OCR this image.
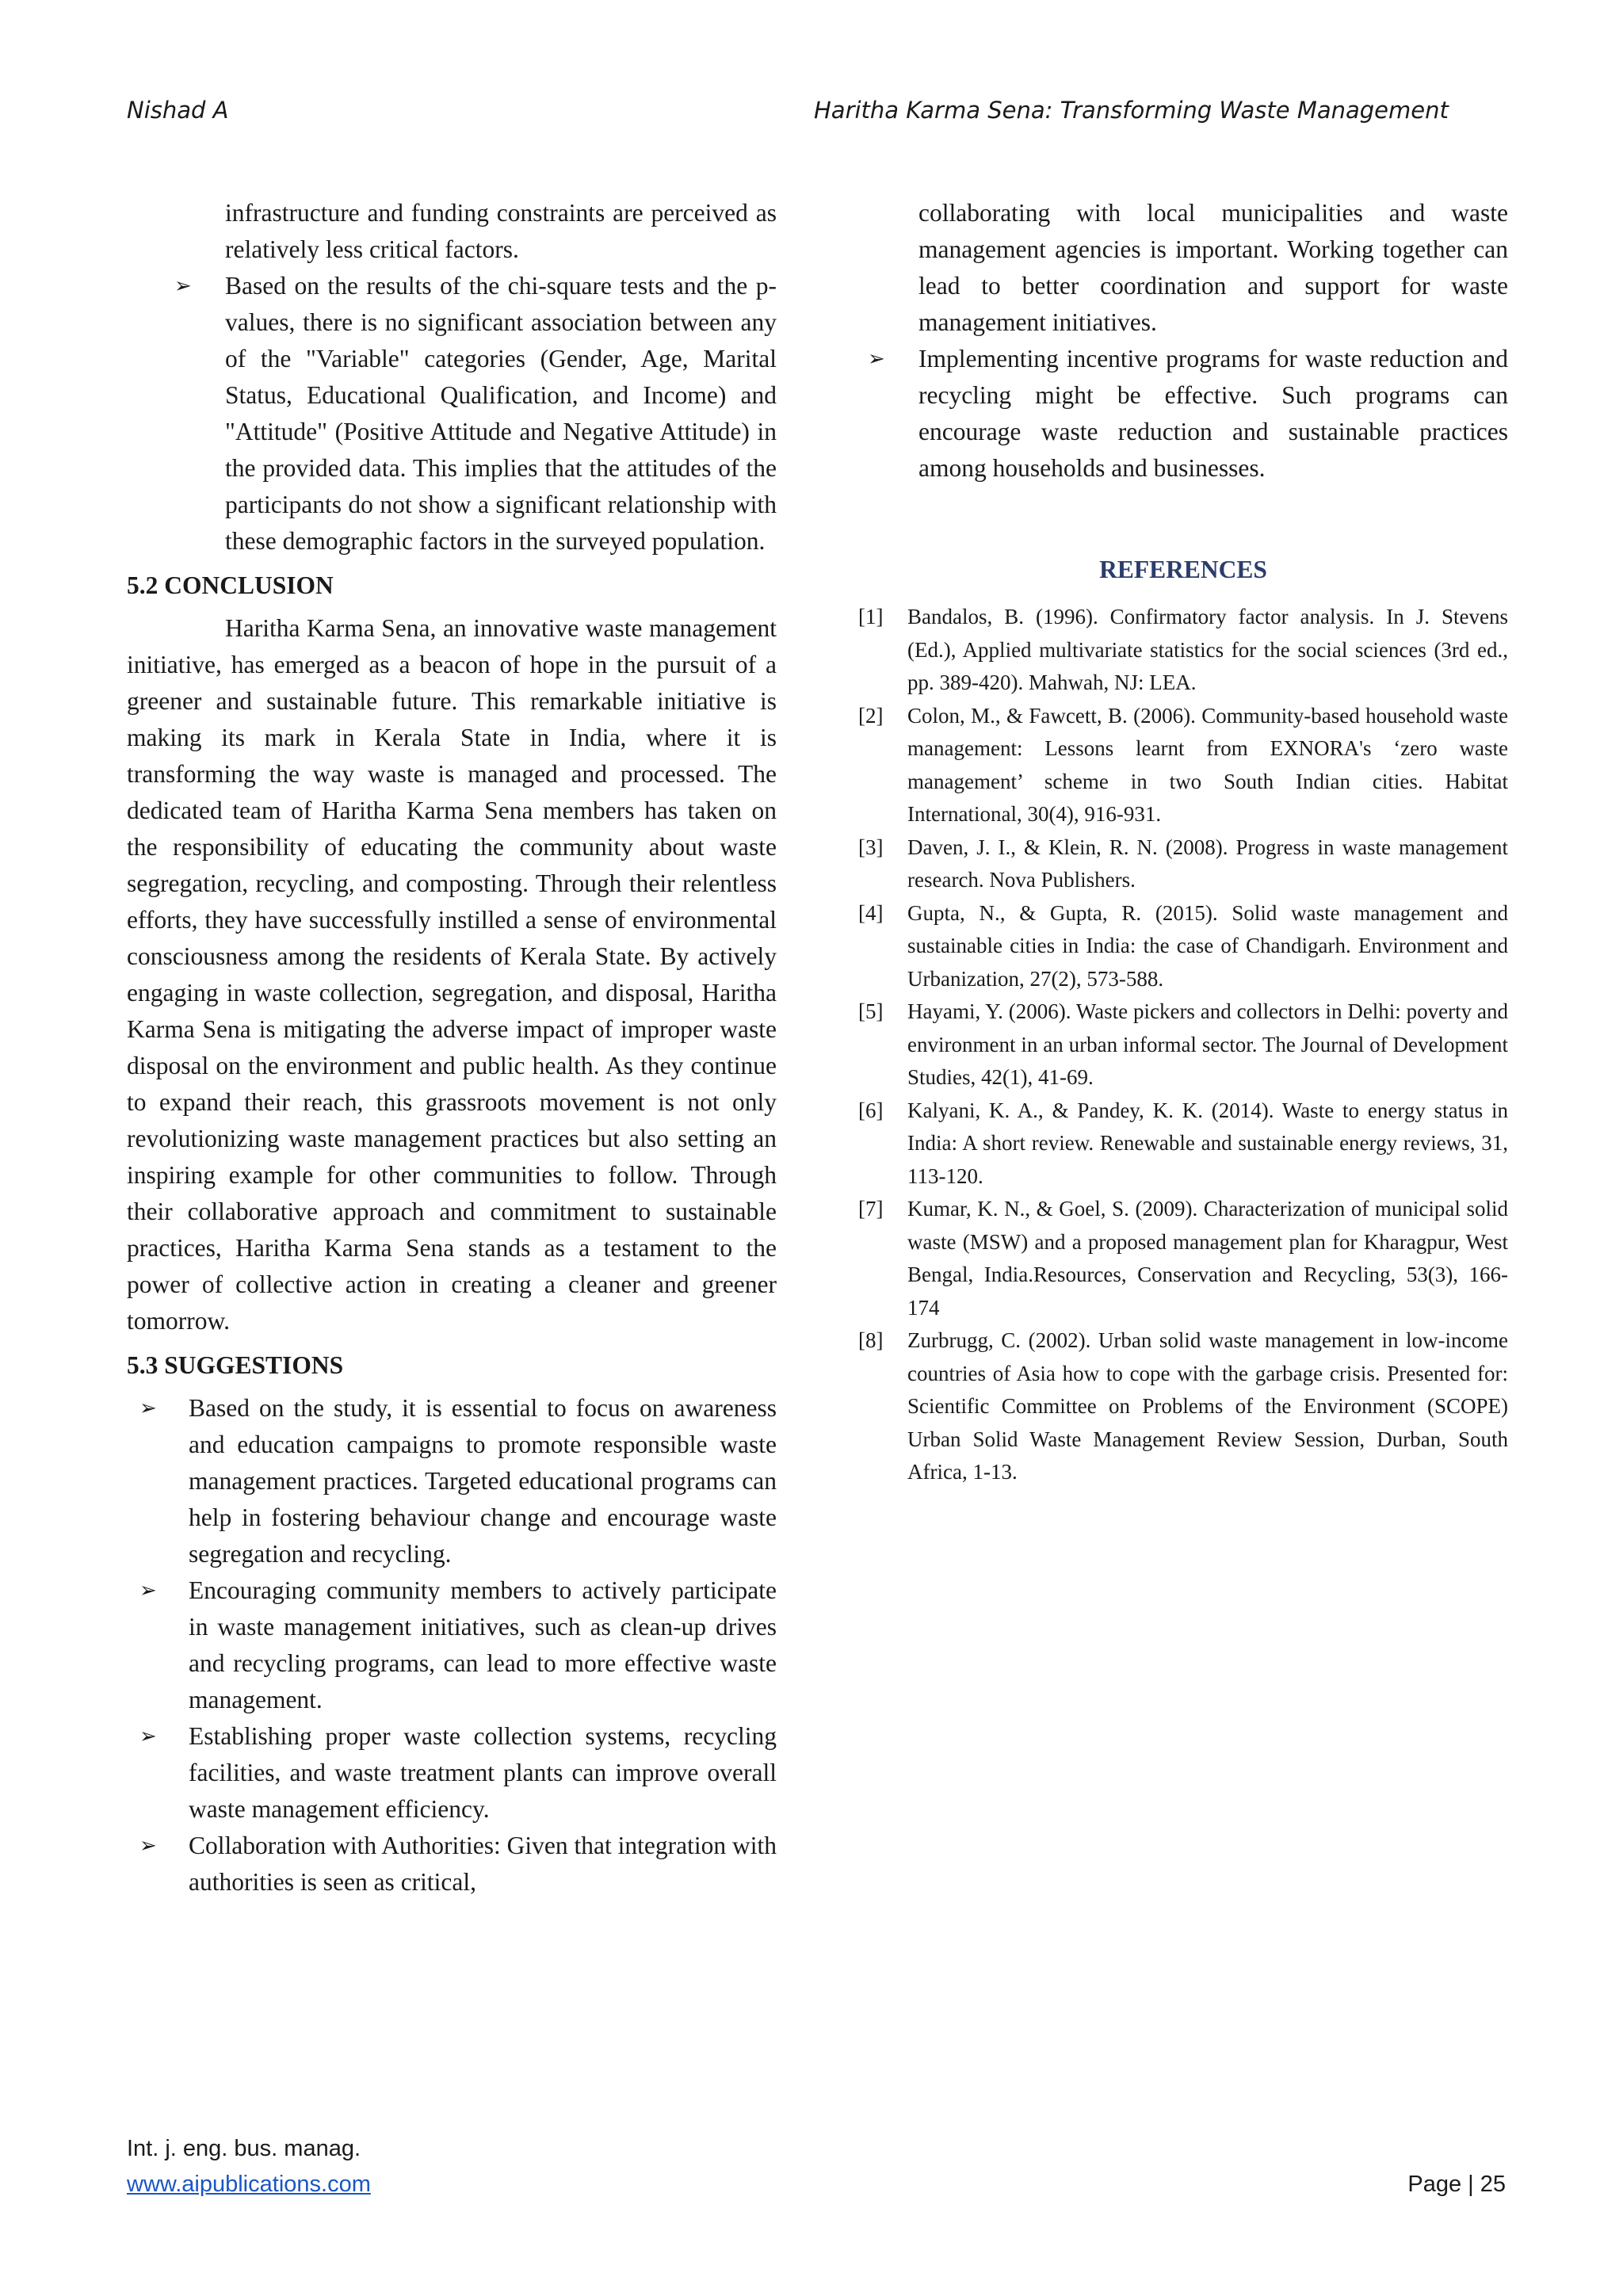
Nishad A	Haritha Karma Sena: Transforming Waste Management

infrastructure and funding constraints are perceived as relatively less critical factors.

➢ Based on the results of the chi-square tests and the p-values, there is no significant association between any of the "Variable" categories (Gender, Age, Marital Status, Educational Qualification, and Income) and "Attitude" (Positive Attitude and Negative Attitude) in the provided data. This implies that the attitudes of the participants do not show a significant relationship with these demographic factors in the surveyed population.
5.2 CONCLUSION

Haritha Karma Sena, an innovative waste management initiative, has emerged as a beacon of hope in the pursuit of a greener and sustainable future. This remarkable initiative is making its mark in Kerala State in India, where it is transforming the way waste is managed and processed. The dedicated team of Haritha Karma Sena members has taken on the responsibility of educating the community about waste segregation, recycling, and composting. Through their relentless efforts, they have successfully instilled a sense of environmental consciousness among the residents of Kerala State. By actively engaging in waste collection, segregation, and disposal, Haritha Karma Sena is mitigating the adverse impact of improper waste disposal on the environment and public health. As they continue to expand their reach, this grassroots movement is not only revolutionizing waste management practices but also setting an inspiring example for other communities to follow. Through their collaborative approach and commitment to sustainable practices, Haritha Karma Sena stands as a testament to the power of collective action in creating a cleaner and greener tomorrow.

5.3 SUGGESTIONS
➢ Based on the study, it is essential to focus on awareness and education campaigns to promote responsible waste management practices. Targeted educational programs can help in fostering behaviour change and encourage waste segregation and recycling.
➢ Encouraging community members to actively participate in waste management initiatives, such as clean-up drives and recycling programs, can lead to more effective waste management.
➢ Establishing proper waste collection systems, recycling facilities, and waste treatment plants can improve overall waste management efficiency.
➢ Collaboration with Authorities: Given that integration with authorities is seen as critical,

collaborating with local municipalities and waste management agencies is important. Working together can lead to better coordination and support for waste management initiatives.

➢ Implementing incentive programs for waste reduction and recycling might be effective. Such programs can encourage waste reduction and sustainable practices among households and businesses.
REFERENCES
[1] Bandalos, B. (1996). Confirmatory factor analysis. In J. Stevens (Ed.), Applied multivariate statistics for the social sciences (3rd ed., pp. 389-420). Mahwah, NJ: LEA.
[2] Colon, M., & Fawcett, B. (2006). Community-based household waste management: Lessons learnt from EXNORA's ‘zero waste management’ scheme in two South Indian cities. Habitat International, 30(4), 916-931.
[3] Daven, J. I., & Klein, R. N. (2008). Progress in waste management research. Nova Publishers.
[4] Gupta, N., & Gupta, R. (2015). Solid waste management and sustainable cities in India: the case of Chandigarh. Environment and Urbanization, 27(2), 573-588.
[5] Hayami, Y. (2006). Waste pickers and collectors in Delhi: poverty and environment in an urban informal sector. The Journal of Development Studies, 42(1), 41-69.
[6] Kalyani, K. A., & Pandey, K. K. (2014). Waste to energy status in India: A short review. Renewable and sustainable energy reviews, 31, 113-120.
[7] Kumar, K. N., & Goel, S. (2009). Characterization of municipal solid waste (MSW) and a proposed management plan for Kharagpur, West Bengal, India.Resources, Conservation and Recycling, 53(3), 166-174
[8] Zurbrugg, C. (2002). Urban solid waste management in low-income countries of Asia how to cope with the garbage crisis. Presented for: Scientific Committee on Problems of the Environment (SCOPE) Urban Solid Waste Management Review Session, Durban, South Africa, 1-13.
Int. j. eng. bus. manag.
www.aipublications.com	Page | 25
